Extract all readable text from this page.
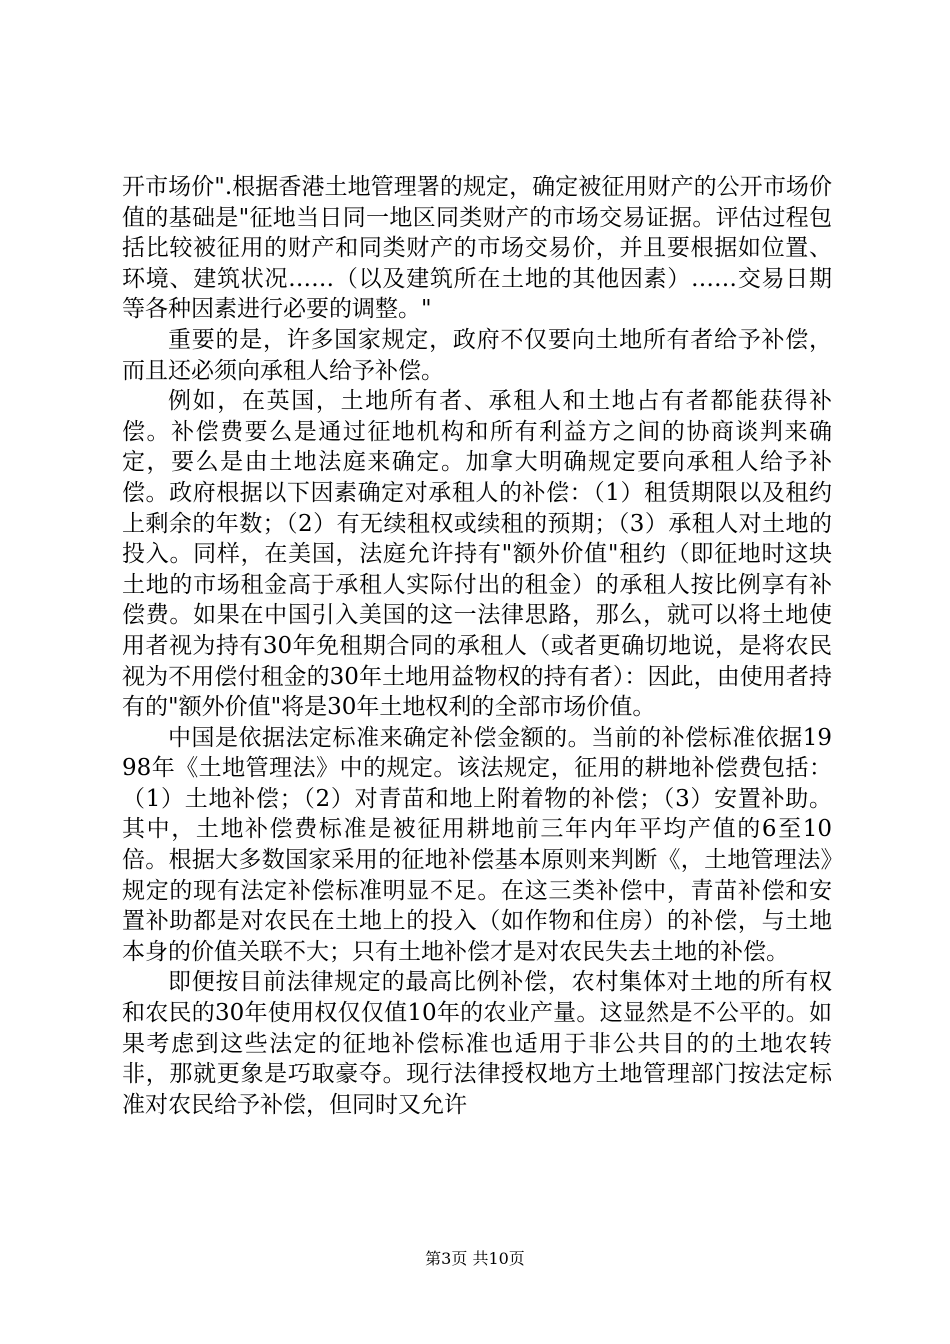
开市场价".根据香港土地管理署的规定，确定被征用财产的公开市场价值的基础是"征地当日同一地区同类财产的市场交易证据。评估过程包括比较被征用的财产和同类财产的市场交易价，并且要根据如位置、环境、建筑状况……（以及建筑所在土地的其他因素）……交易日期等各种因素进行必要的调整。"

重要的是，许多国家规定，政府不仅要向土地所有者给予补偿，而且还必须向承租人给予补偿。

例如，在英国，土地所有者、承租人和土地占有者都能获得补偿。补偿费要么是通过征地机构和所有利益方之间的协商谈判来确定，要么是由土地法庭来确定。加拿大明确规定要向承租人给予补偿。政府根据以下因素确定对承租人的补偿：（1）租赁期限以及租约上剩余的年数；（2）有无续租权或续租的预期；（3）承租人对土地的投入。同样，在美国，法庭允许持有"额外价值"租约（即征地时这块土地的市场租金高于承租人实际付出的租金）的承租人按比例享有补偿费。如果在中国引入美国的这一法律思路，那么，就可以将土地使用者视为持有30年免租期合同的承租人（或者更确切地说，是将农民视为不用偿付租金的30年土地用益物权的持有者）：因此，由使用者持有的"额外价值"将是30年土地权利的全部市场价值。

中国是依据法定标准来确定补偿金额的。当前的补偿标准依据1998年《土地管理法》中的规定。该法规定，征用的耕地补偿费包括：（1）土地补偿；（2）对青苗和地上附着物的补偿；（3）安置补助。其中，土地补偿费标准是被征用耕地前三年内年平均产值的6至10倍。根据大多数国家采用的征地补偿基本原则来判断《，土地管理法》规定的现有法定补偿标准明显不足。在这三类补偿中，青苗补偿和安置补助都是对农民在土地上的投入（如作物和住房）的补偿，与土地本身的价值关联不大；只有土地补偿才是对农民失去土地的补偿。

即便按目前法律规定的最高比例补偿，农村集体对土地的所有权和农民的30年使用权仅仅值10年的农业产量。这显然是不公平的。如果考虑到这些法定的征地补偿标准也适用于非公共目的的土地农转非，那就更象是巧取豪夺。现行法律授权地方土地管理部门按法定标准对农民给予补偿，但同时又允许

第3页 共10页
